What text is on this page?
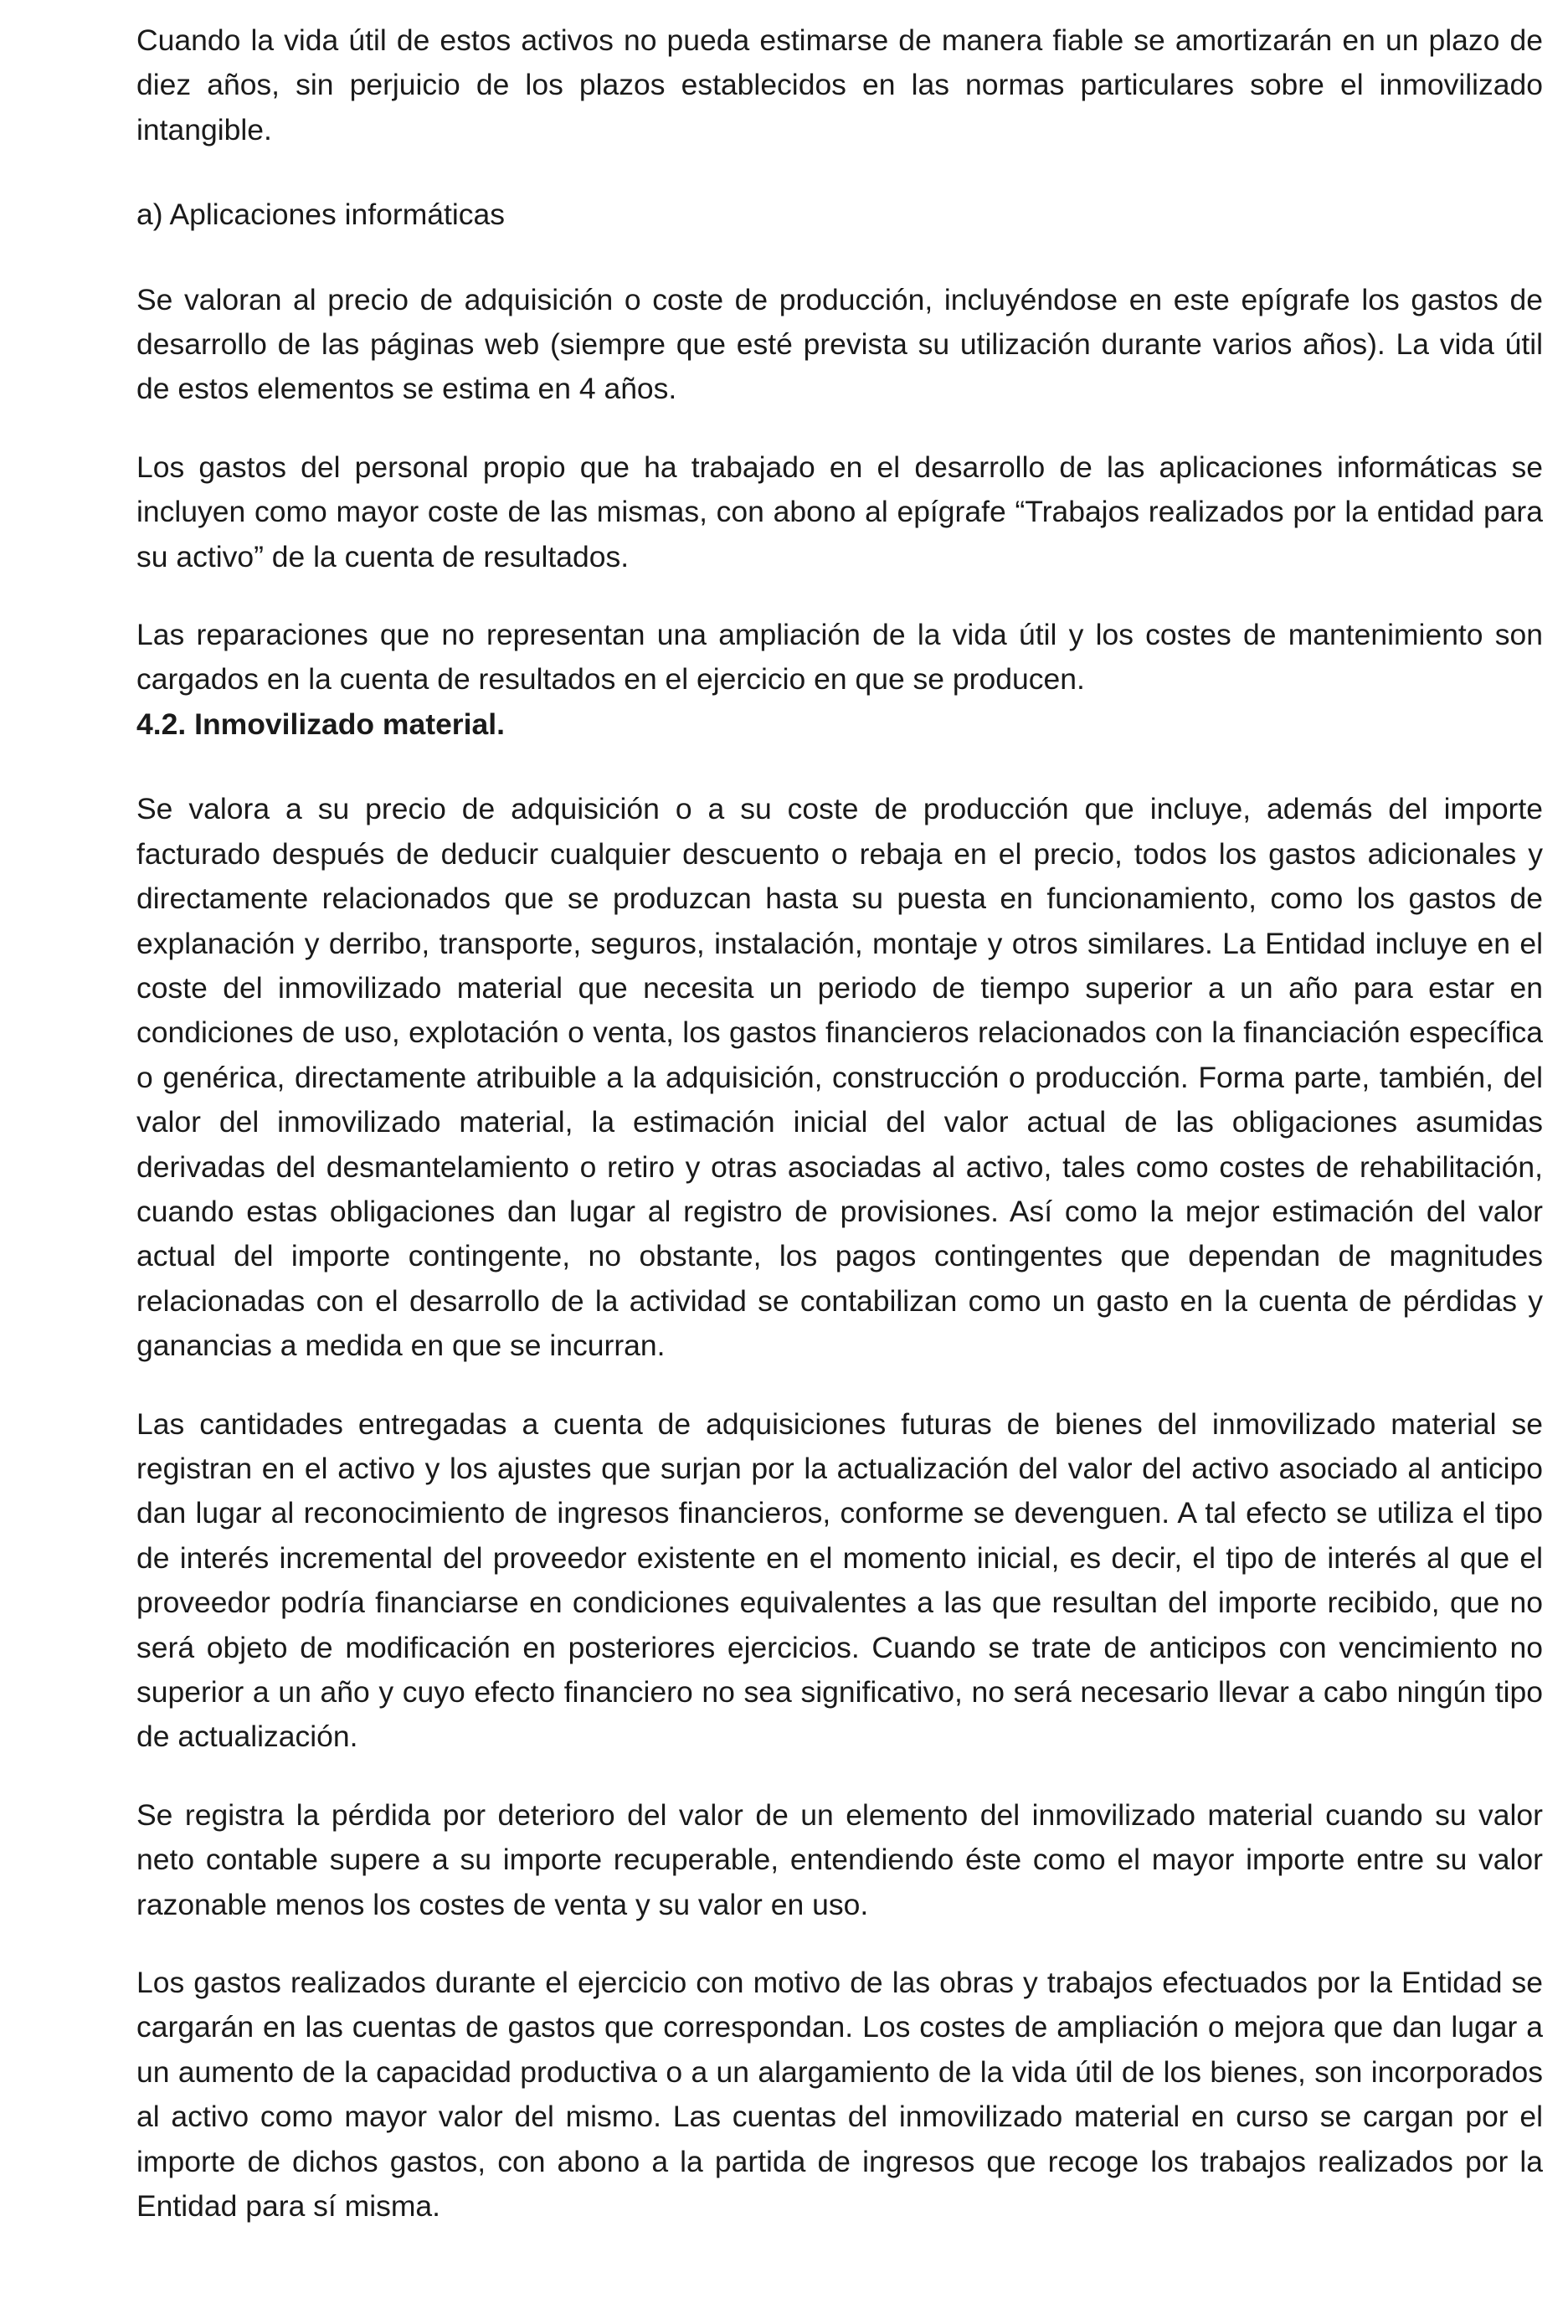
Cuando la vida útil de estos activos no pueda estimarse de manera fiable se amortizarán en un plazo de diez años, sin perjuicio de los plazos establecidos en las normas particulares sobre el inmovilizado intangible.

a) Aplicaciones informáticas

Se valoran al precio de adquisición o coste de producción, incluyéndose en este epígrafe los gastos de desarrollo de las páginas web (siempre que esté prevista su utilización durante varios años). La vida útil de estos elementos se estima en 4 años.

Los gastos del personal propio que ha trabajado en el desarrollo de las aplicaciones informáticas se incluyen como mayor coste de las mismas, con abono al epígrafe “Trabajos realizados por la entidad para su activo” de la cuenta de resultados.

Las reparaciones que no representan una ampliación de la vida útil y los costes de mantenimiento son cargados en la cuenta de resultados en el ejercicio en que se producen.

4.2. Inmovilizado material.

Se valora a su precio de adquisición o a su coste de producción que incluye, además del importe facturado después de deducir cualquier descuento o rebaja en el precio, todos los gastos adicionales y directamente relacionados que se produzcan hasta su puesta en funcionamiento, como los gastos de explanación y derribo, transporte, seguros, instalación, montaje y otros similares. La Entidad incluye en el coste del inmovilizado material que necesita un periodo de tiempo superior a un año para estar en condiciones de uso, explotación o venta, los gastos financieros relacionados con la financiación específica o genérica, directamente atribuible a la adquisición, construcción o producción. Forma parte, también, del valor del inmovilizado material, la estimación inicial del valor actual de las obligaciones asumidas derivadas del desmantelamiento o retiro y otras asociadas al activo, tales como costes de rehabilitación, cuando estas obligaciones dan lugar al registro de provisiones. Así como la mejor estimación del valor actual del importe contingente, no obstante, los pagos contingentes que dependan de magnitudes relacionadas con el desarrollo de la actividad se contabilizan como un gasto en la cuenta de pérdidas y ganancias a medida en que se incurran.

Las cantidades entregadas a cuenta de adquisiciones futuras de bienes del inmovilizado material se registran en el activo y los ajustes que surjan por la actualización del valor del activo asociado al anticipo dan lugar al reconocimiento de ingresos financieros, conforme se devenguen. A tal efecto se utiliza el tipo de interés incremental del proveedor existente en el momento inicial, es decir, el tipo de interés al que el proveedor podría financiarse en condiciones equivalentes a las que resultan del importe recibido, que no será objeto de modificación en posteriores ejercicios. Cuando se trate de anticipos con vencimiento no superior a un año y cuyo efecto financiero no sea significativo, no será necesario llevar a cabo ningún tipo de actualización.

Se registra la pérdida por deterioro del valor de un elemento del inmovilizado material cuando su valor neto contable supere a su importe recuperable, entendiendo éste como el mayor importe entre su valor razonable menos los costes de venta y su valor en uso.

Los gastos realizados durante el ejercicio con motivo de las obras y trabajos efectuados por la Entidad se cargarán en las cuentas de gastos que correspondan. Los costes de ampliación o mejora que dan lugar a un aumento de la capacidad productiva o a un alargamiento de la vida útil de los bienes, son incorporados al activo como mayor valor del mismo. Las cuentas del inmovilizado material en curso se cargan por el importe de dichos gastos, con abono a la partida de ingresos que recoge los trabajos realizados por la Entidad para sí misma.
